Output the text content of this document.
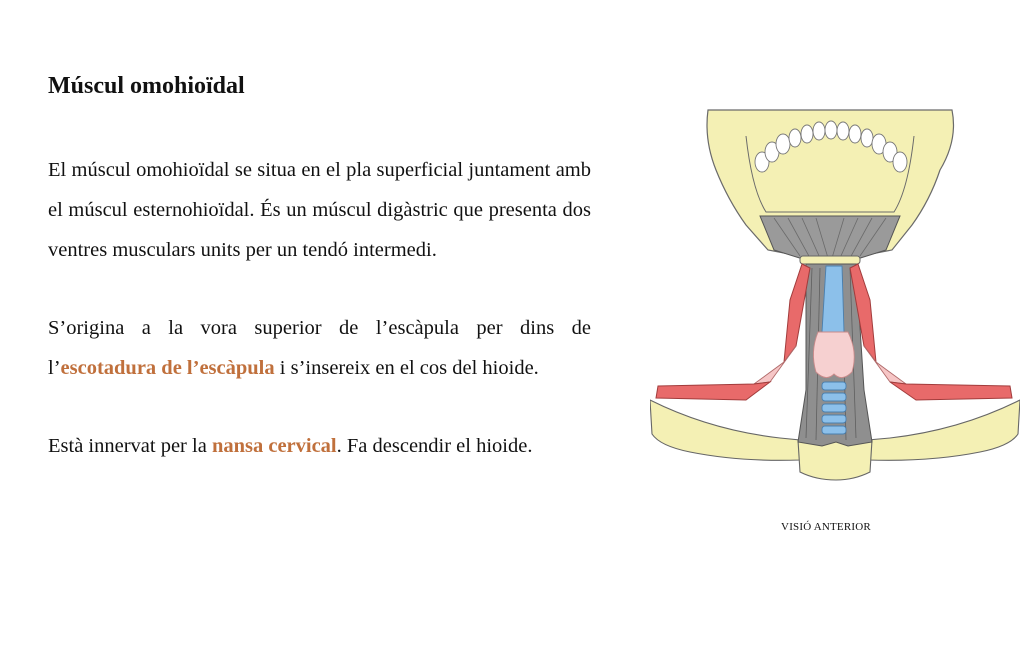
Múscul omohioïdal

El múscul omohioïdal se situa en el pla superficial juntament amb el múscul esternohioïdal. És un múscul digàstric que presenta dos ventres musculars units per un tendó intermedi.

S’origina a la vora superior de l’escàpula per dins de l’escotadura de l’escàpula i s’insereix en el cos del hioide.

Està innervat per la nansa cervical. Fa descendir el hioide.

VISIÓ ANTERIOR
